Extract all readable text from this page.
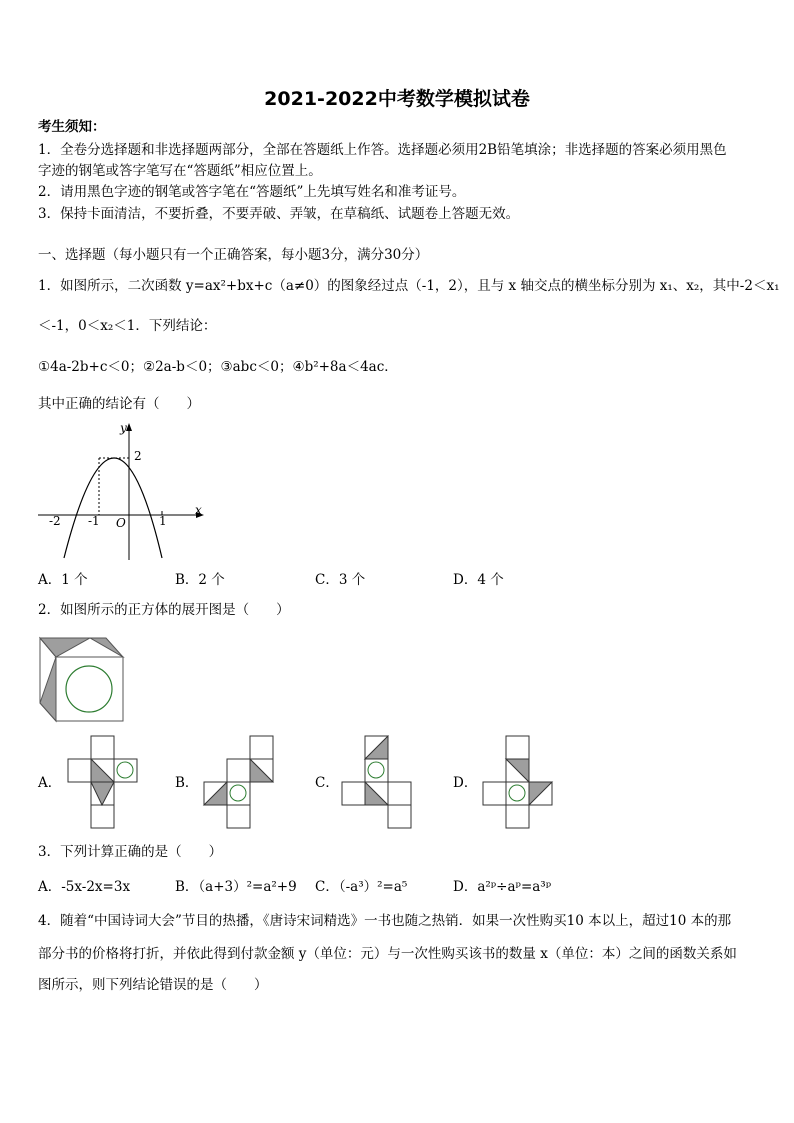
2021-2022中考数学模拟试卷
考生须知：
1．全卷分选择题和非选择题两部分，全部在答题纸上作答。选择题必须用2B铅笔填涂；非选择题的答案必须用黑色
字迹的钢笔或答字笔写在“答题纸”相应位置上。
2．请用黑色字迹的钢笔或答字笔在“答题纸”上先填写姓名和准考证号。
3．保持卡面清洁，不要折叠，不要弄破、弄皱，在草稿纸、试题卷上答题无效。
一、选择题（每小题只有一个正确答案，每小题3分，满分30分）
1．如图所示，二次函数 y=ax²+bx+c（a≠0）的图象经过点（-1，2），且与 x 轴交点的横坐标分别为 x₁、x₂，其中-2＜x₁
＜-1，0＜x₂＜1．下列结论：
①4a-2b+c＜0；②2a-b＜0；③abc＜0；④b²+8a＜4ac．
其中正确的结论有（　　）
y
x
O
-2 -1	1
2
A．1 个	B．2 个	C．3 个	D．4 个
2．如图所示的正方体的展开图是（　　）
A．	B．	C．	D．
3．下列计算正确的是（　　）
A．-5x-2x=3x	B．（a+3）²=a²+9 C．（-a³）²=a⁵	D．a²ᵖ÷aᵖ=a³ᵖ
4．随着“中国诗词大会”节目的热播，《唐诗宋词精选》一书也随之热销．如果一次性购买10 本以上，超过10 本的那
部分书的价格将打折，并依此得到付款金额 y（单位：元）与一次性购买该书的数量 x（单位：本）之间的函数关系如
图所示，则下列结论错误的是（　　）
